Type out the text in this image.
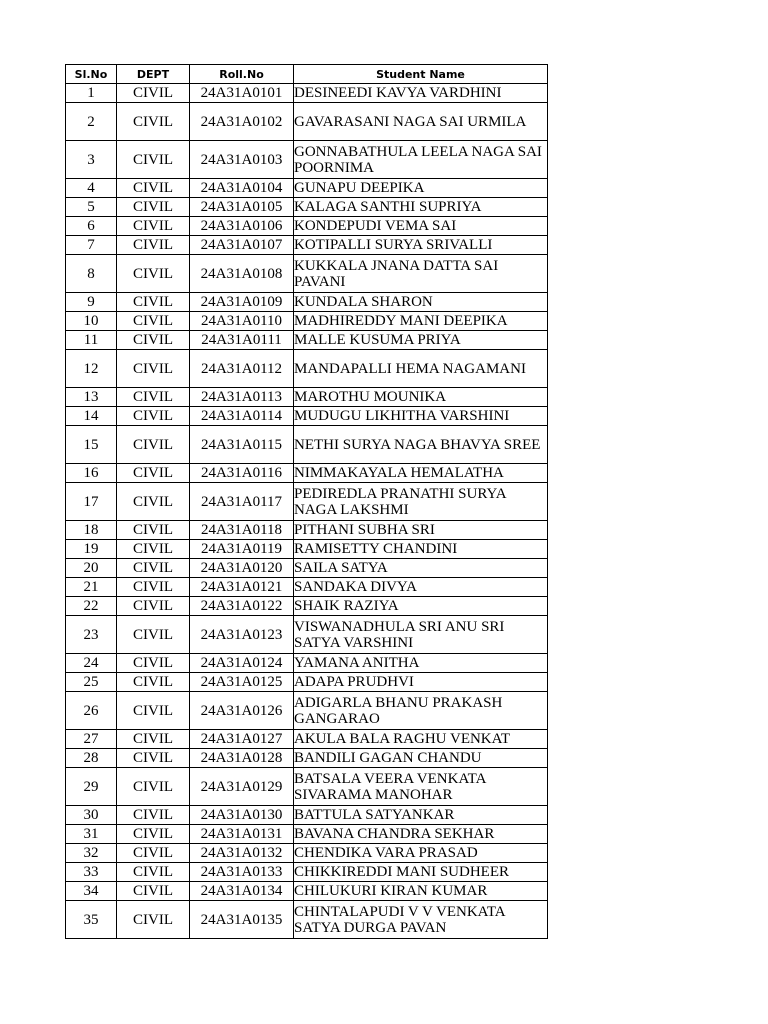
Sl.No	DEPT	Roll.No	Student Name
1	CIVIL	24A31A0101	DESINEEDI KAVYA VARDHINI
2	CIVIL	24A31A0102	GAVARASANI NAGA SAI URMILA
3	CIVIL	24A31A0103	GONNABATHULA LEELA NAGA SAI POORNIMA
4	CIVIL	24A31A0104	GUNAPU DEEPIKA
5	CIVIL	24A31A0105	KALAGA SANTHI SUPRIYA
6	CIVIL	24A31A0106	KONDEPUDI VEMA SAI
7	CIVIL	24A31A0107	KOTIPALLI SURYA SRIVALLI
8	CIVIL	24A31A0108	KUKKALA JNANA DATTA SAI PAVANI
9	CIVIL	24A31A0109	KUNDALA SHARON
10	CIVIL	24A31A0110	MADHIREDDY MANI DEEPIKA
11	CIVIL	24A31A0111	MALLE KUSUMA PRIYA
12	CIVIL	24A31A0112	MANDAPALLI HEMA NAGAMANI
13	CIVIL	24A31A0113	MAROTHU MOUNIKA
14	CIVIL	24A31A0114	MUDUGU LIKHITHA VARSHINI
15	CIVIL	24A31A0115	NETHI SURYA NAGA BHAVYA SREE
16	CIVIL	24A31A0116	NIMMAKAYALA HEMALATHA
17	CIVIL	24A31A0117	PEDIREDLA PRANATHI SURYA NAGA LAKSHMI
18	CIVIL	24A31A0118	PITHANI SUBHA SRI
19	CIVIL	24A31A0119	RAMISETTY CHANDINI
20	CIVIL	24A31A0120	SAILA SATYA
21	CIVIL	24A31A0121	SANDAKA DIVYA
22	CIVIL	24A31A0122	SHAIK RAZIYA
23	CIVIL	24A31A0123	VISWANADHULA SRI ANU SRI SATYA VARSHINI
24	CIVIL	24A31A0124	YAMANA ANITHA
25	CIVIL	24A31A0125	ADAPA PRUDHVI
26	CIVIL	24A31A0126	ADIGARLA BHANU PRAKASH GANGARAO
27	CIVIL	24A31A0127	AKULA BALA RAGHU VENKAT
28	CIVIL	24A31A0128	BANDILI GAGAN CHANDU
29	CIVIL	24A31A0129	BATSALA VEERA VENKATA SIVARAMA MANOHAR
30	CIVIL	24A31A0130	BATTULA SATYANKAR
31	CIVIL	24A31A0131	BAVANA CHANDRA SEKHAR
32	CIVIL	24A31A0132	CHENDIKA VARA PRASAD
33	CIVIL	24A31A0133	CHIKKIREDDI MANI SUDHEER
34	CIVIL	24A31A0134	CHILUKURI KIRAN KUMAR
35	CIVIL	24A31A0135	CHINTALAPUDI V V VENKATA SATYA DURGA PAVAN
